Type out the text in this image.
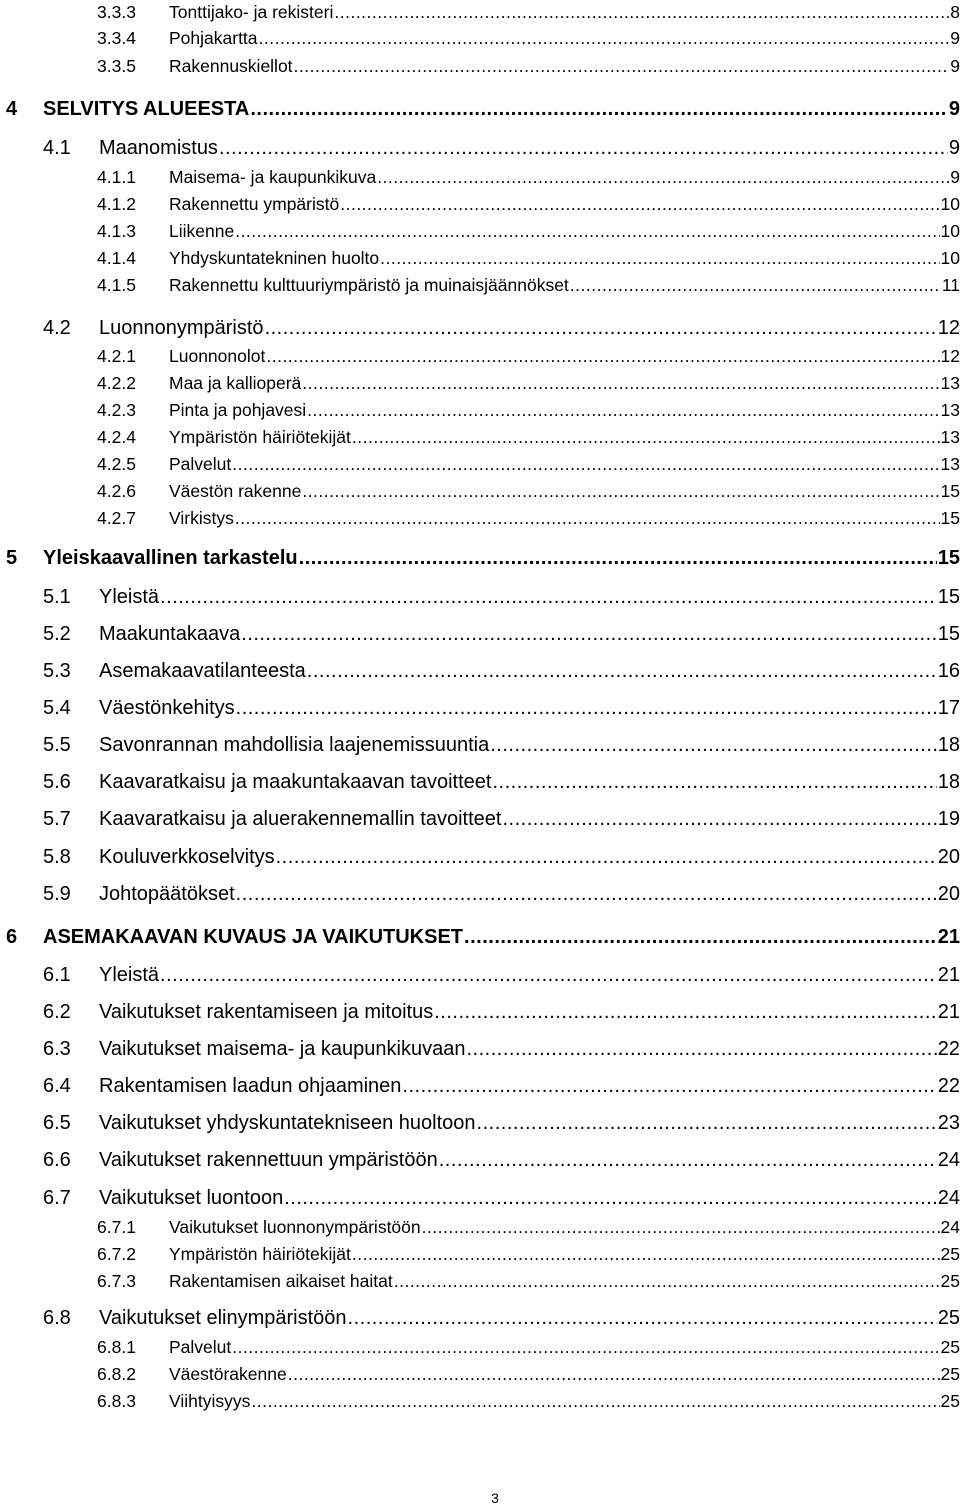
3.3.3 Tonttijako- ja rekisteri .....	8
3.3.4 Pohjakartta .....	9
3.3.5 Rakennuskiellot .....	9
4 SELVITYS ALUEESTA .....	9
4.1 Maanomistus .....	9
4.1.1 Maisema- ja kaupunkikuva .....	9
4.1.2 Rakennettu ympäristö .....	10
4.1.3 Liikenne .....	10
4.1.4 Yhdyskuntatekninen huolto .....	10
4.1.5 Rakennettu kulttuuriympäristö ja muinaisjäännökset .....	11
4.2 Luonnonympäristö .....	12
4.2.1 Luonnonolot .....	12
4.2.2 Maa ja kallioperä .....	13
4.2.3 Pinta ja pohjavesi .....	13
4.2.4 Ympäristön häiriötekijät .....	13
4.2.5 Palvelut .....	13
4.2.6 Väestön rakenne .....	15
4.2.7 Virkistys .....	15
5 Yleiskaavallinen tarkastelu .....	15
5.1 Yleistä .....	15
5.2 Maakuntakaava .....	15
5.3 Asemakaavatilanteesta .....	16
5.4 Väestönkehitys .....	17
5.5 Savonrannan mahdollisia laajenemissuuntia .....	18
5.6 Kaavaratkaisu ja maakuntakaavan tavoitteet .....	18
5.7 Kaavaratkaisu ja aluerakennemallin tavoitteet .....	19
5.8 Kouluverkkoselvitys .....	20
5.9 Johtopäätökset .....	20
6 ASEMAKAAVAN KUVAUS JA VAIKUTUKSET .....	21
6.1 Yleistä .....	21
6.2 Vaikutukset rakentamiseen ja mitoitus .....	21
6.3 Vaikutukset maisema- ja kaupunkikuvaan .....	22
6.4 Rakentamisen laadun ohjaaminen .....	22
6.5 Vaikutukset yhdyskuntatekniseen huoltoon .....	23
6.6 Vaikutukset rakennettuun ympäristöön .....	24
6.7 Vaikutukset luontoon .....	24
6.7.1 Vaikutukset luonnonympäristöön .....	24
6.7.2 Ympäristön häiriötekijät .....	25
6.7.3 Rakentamisen aikaiset haitat .....	25
6.8 Vaikutukset elinympäristöön .....	25
6.8.1 Palvelut .....	25
6.8.2 Väestörakenne .....	25
6.8.3 Viihtyisyys .....	25
3
